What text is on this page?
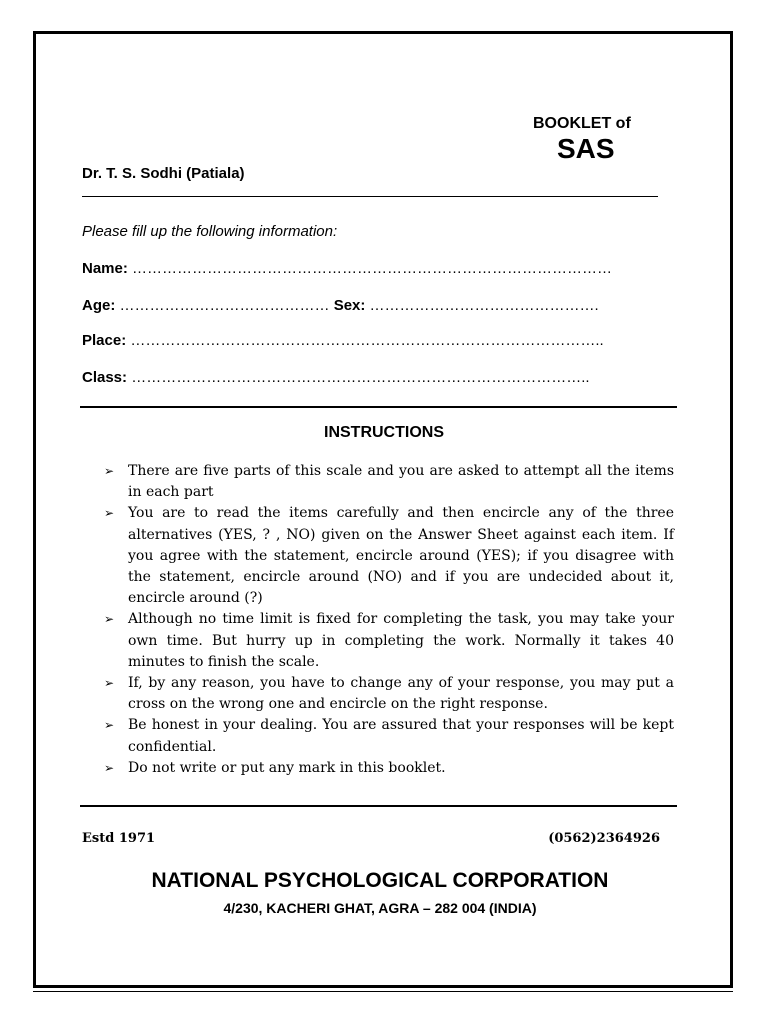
BOOKLET of
SAS
Dr. T. S. Sodhi (Patiala)
Please fill up the following information:
Name: ……………………………………………………………………………………
Age: …………………………………… Sex: ……………………………………….
Place: …………………………………………………………………………………..
Class: ………………………………………………………………………………..
INSTRUCTIONS
➢ There are five parts of this scale and you are asked to attempt all the items in each part
➢ You are to read the items carefully and then encircle any of the three alternatives (YES, ? , NO) given on the Answer Sheet against each item. If you agree with the statement, encircle around (YES); if you disagree with the statement, encircle around (NO) and if you are undecided about it, encircle around (?)
➢ Although no time limit is fixed for completing the task, you may take your own time. But hurry up in completing the work. Normally it takes 40 minutes to finish the scale.
➢ If, by any reason, you have to change any of your response, you may put a cross on the wrong one and encircle on the right response.
➢ Be honest in your dealing. You are assured that your responses will be kept confidential.
➢ Do not write or put any mark in this booklet.
Estd 1971	(0562)2364926
NATIONAL PSYCHOLOGICAL CORPORATION
4/230, KACHERI GHAT, AGRA – 282 004 (INDIA)
